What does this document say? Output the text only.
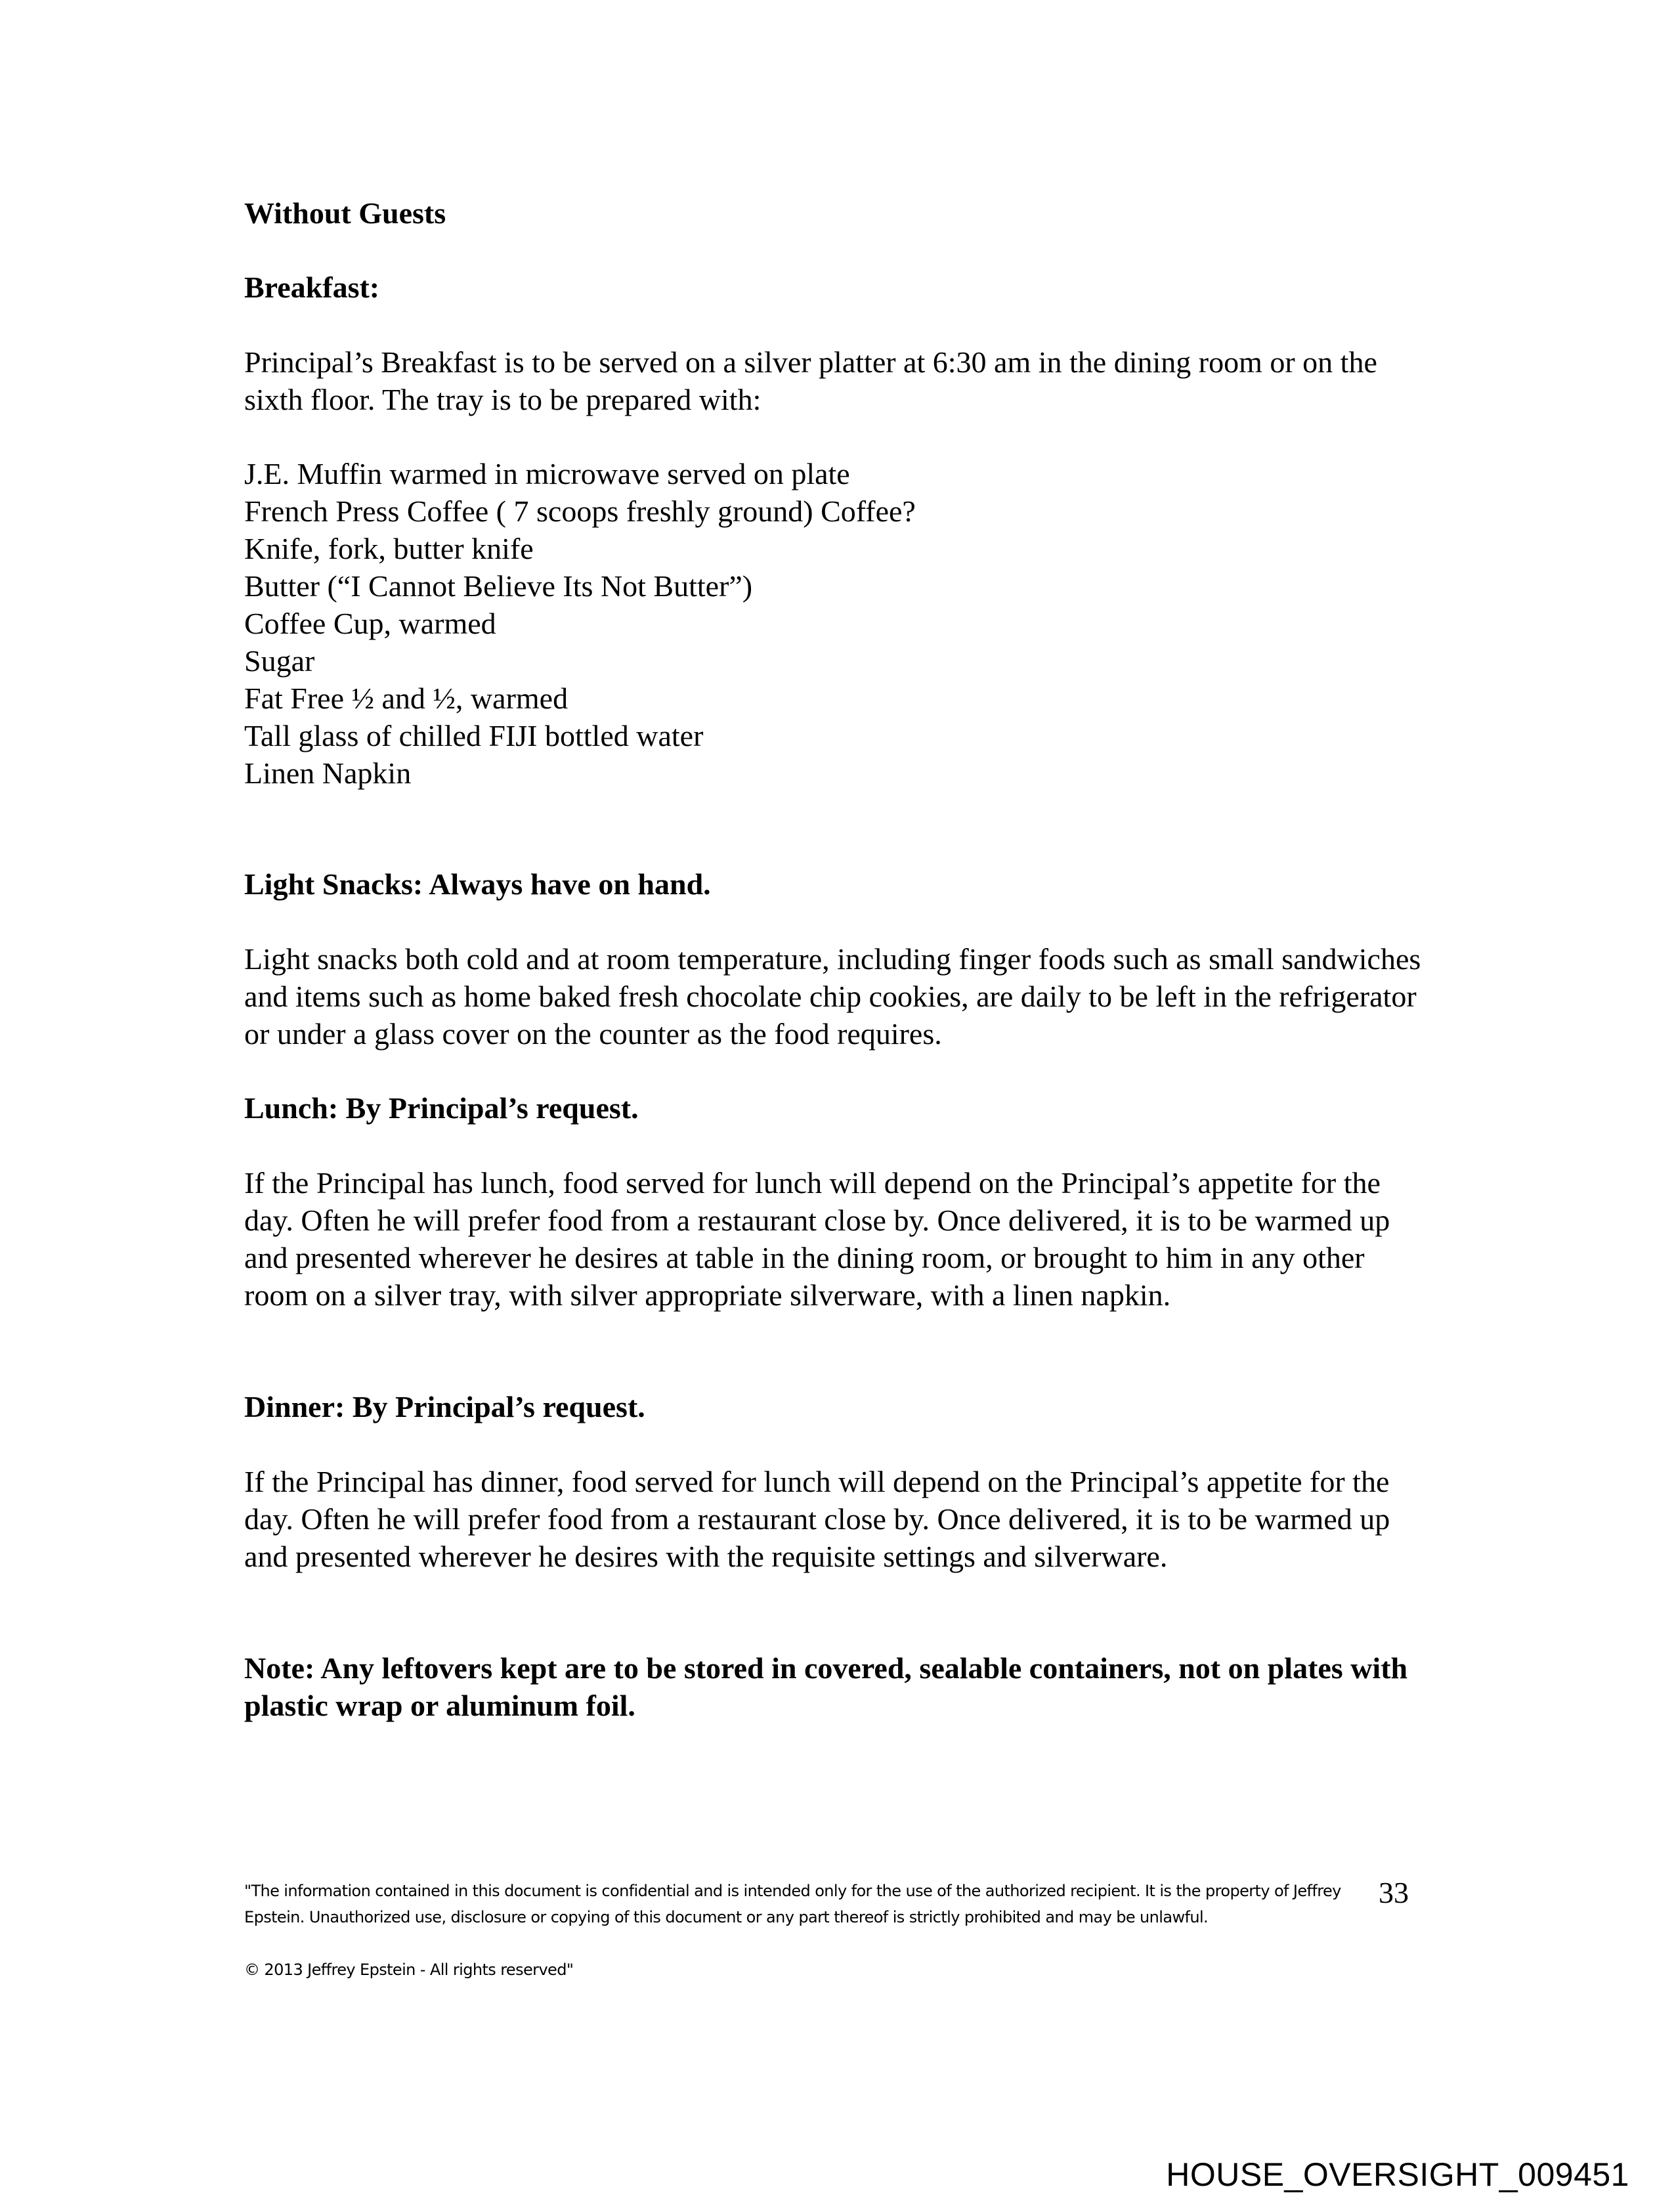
Without Guests
Breakfast:

Principal’s Breakfast is to be served on a silver platter at 6:30 am in the dining room or on the sixth floor. The tray is to be prepared with:

J.E. Muffin warmed in microwave served on plate
French Press Coffee ( 7 scoops freshly ground) Coffee?
Knife, fork, butter knife
Butter (“I Cannot Believe Its Not Butter”)
Coffee Cup, warmed
Sugar
Fat Free ½ and ½, warmed
Tall glass of chilled FIJI bottled water
Linen Napkin
Light Snacks: Always have on hand.

Light snacks both cold and at room temperature, including finger foods such as small sandwiches and items such as home baked fresh chocolate chip cookies, are daily to be left in the refrigerator or under a glass cover on the counter as the food requires.

Lunch: By Principal’s request.

If the Principal has lunch, food served for lunch will depend on the Principal’s appetite for the day. Often he will prefer food from a restaurant close by. Once delivered, it is to be warmed up and presented wherever he desires at table in the dining room, or brought to him in any other room on a silver tray, with silver appropriate silverware, with a linen napkin.

Dinner: By Principal’s request.

If the Principal has dinner, food served for lunch will depend on the Principal’s appetite for the day. Often he will prefer food from a restaurant close by. Once delivered, it is to be warmed up and presented wherever he desires with the requisite settings and silverware.

Note: Any leftovers kept are to be stored in covered, sealable containers, not on plates with plastic wrap or aluminum foil.

"The information contained in this document is confidential and is intended only for the use of the authorized recipient. It is the property of Jeffrey Epstein. Unauthorized use, disclosure or copying of this document or any part thereof is strictly prohibited and may be unlawful.

© 2013 Jeffrey Epstein - All rights reserved"

33
HOUSE_OVERSIGHT_009451
